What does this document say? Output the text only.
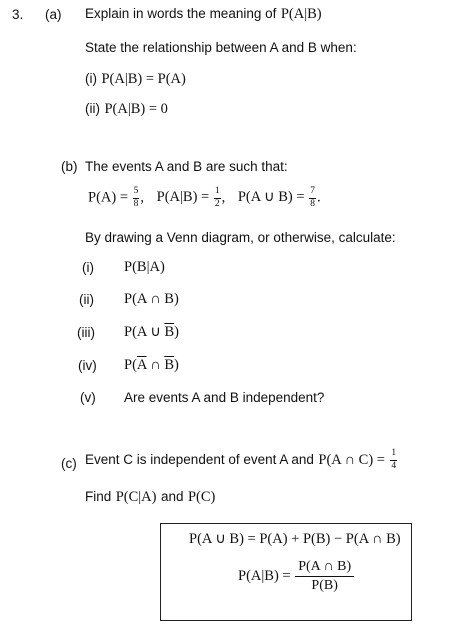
3. (a) Explain in words the meaning of P(A|B)
State the relationship between A and B when:
(i) P(A|B) = P(A)
(ii) P(A|B) = 0
(b) The events A and B are such that:
$P(A) = \frac{5}{8}$ , $P(A|B) = \frac{1}{2}$ , P(A ∪ $B) = \frac{7}{8}$ .
By drawing a Venn diagram, or otherwise, calculate:
(i) P(B|A)
(ii) P(A ∩ B)
(iii) P(A ∪ $\overline{B}$)
(iv) $P(\overline{A}$ ∩ $\overline{B}$)
(v) Are events A and B independent?
(c) Event C is independent of event A and P(A ∩ $C) = \frac{1}{4}$
Find P(C|A) and P(C)
P(A ∪ B) = P(A) + P(B) − P(A ∩ B)
$P(A|B) = \frac{P(A \cap B)}{P(B)}$
